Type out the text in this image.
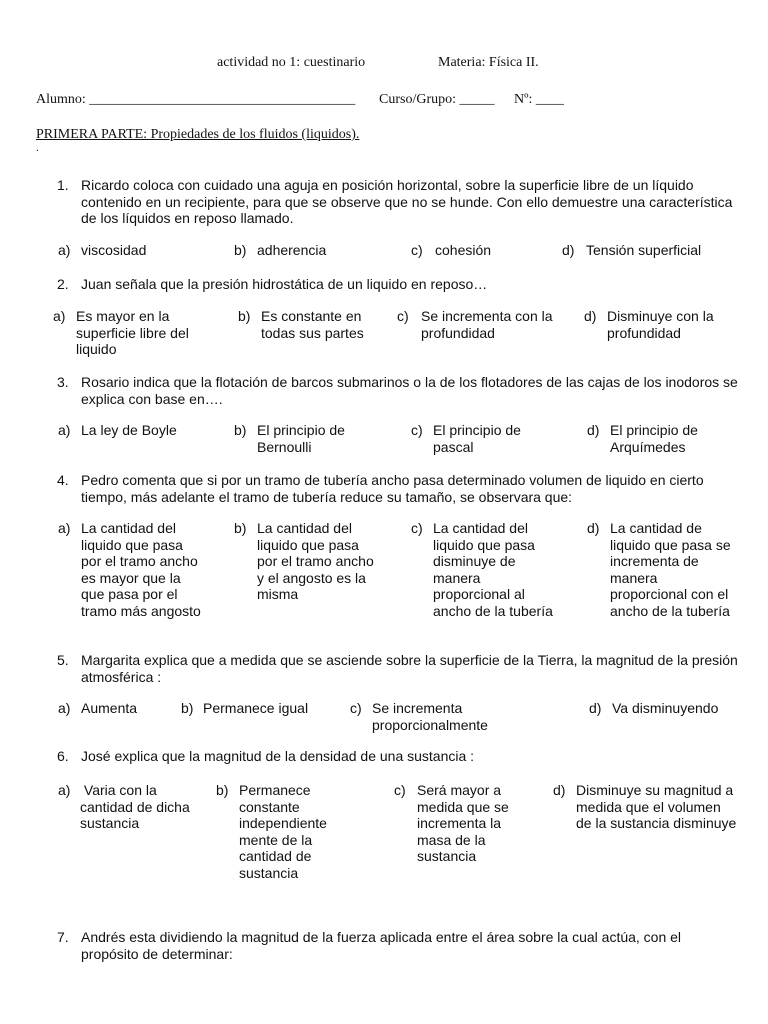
actividad no 1: cuestinario	Materia: Física II.
Alumno: ______________________________________ Curso/Grupo: _____ Nº: ____
PRIMERA PARTE: Propiedades de los fluidos (liquidos).
.
1. Ricardo coloca con cuidado una aguja en posición horizontal, sobre la superficie libre de un líquido contenido en un recipiente, para que se observe que no se hunde. Con ello demuestre una característica de los líquidos en reposo llamado.
a) viscosidad	b) adherencia	c) cohesión	d) Tensión superficial
2. Juan señala que la presión hidrostática de un liquido en reposo…
a) Es mayor en la superficie libre del liquido
b) Es constante en todas sus partes
c) Se incrementa con la profundidad
d) Disminuye con la profundidad
3. Rosario indica que la flotación de barcos submarinos o la de los flotadores de las cajas de los inodoros se explica con base en….
a) La ley de Boyle	b) El principio de Bernoulli
c) El principio de pascal
d) El principio de Arquímedes
4. Pedro comenta que si por un tramo de tubería ancho pasa determinado volumen de liquido en cierto tiempo, más adelante el tramo de tubería reduce su tamaño, se observara que:
a) La cantidad del liquido que pasa por el tramo ancho es mayor que la que pasa por el tramo más angosto
b) La cantidad del liquido que pasa por el tramo ancho y el angosto es la misma
c) La cantidad del liquido que pasa disminuye de manera proporcional al ancho de la tubería
d) La cantidad de liquido que pasa se incrementa de manera proporcional con el ancho de la tubería
5. Margarita explica que a medida que se asciende sobre la superficie de la Tierra, la magnitud de la presión atmosférica :
a) Aumenta	b) Permanece igual	c) Se incrementa proporcionalmente
d) Va disminuyendo
6. José explica que la magnitud de la densidad de una sustancia :
a) Varia con la cantidad de dicha sustancia
b) Permanece constante independiente mente de la cantidad de sustancia
c) Será mayor a medida que se incrementa la masa de la sustancia
d) Disminuye su magnitud a medida que el volumen de la sustancia disminuye
7. Andrés esta dividiendo la magnitud de la fuerza aplicada entre el área sobre la cual actúa, con el propósito de determinar:
